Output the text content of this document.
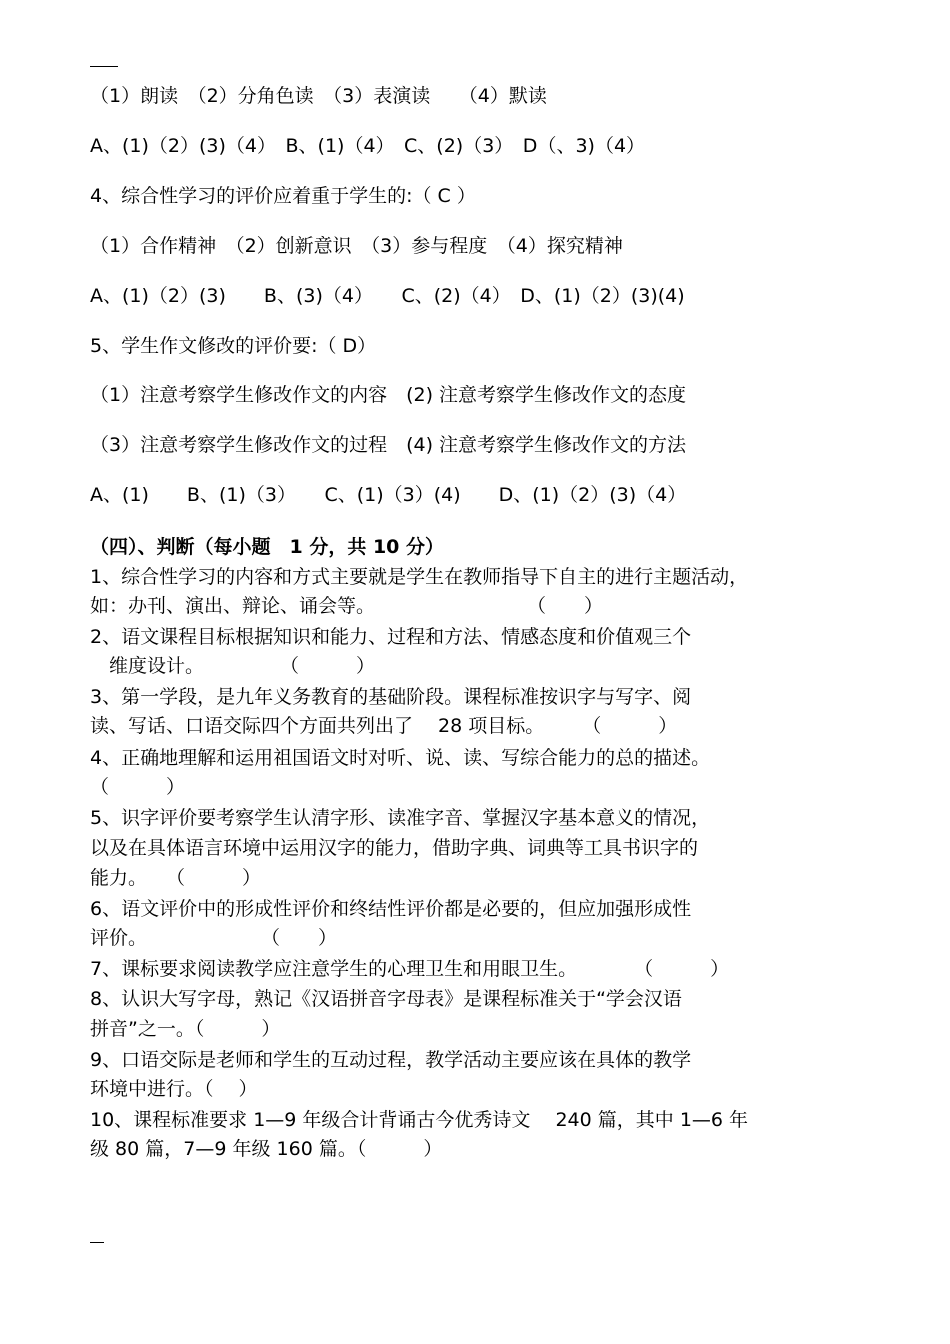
（1）朗读　（2）分角色读　（3）表演读　　（4）默读
A、(1)（2）(3)（4）　B、(1)（4）　C、(2)（3）　D（、3)（4）
4、综合性学习的评价应着重于学生的:（ C ）
（1）合作精神　（2）创新意识　（3）参与程度　（4）探究精神
A、(1)（2）(3)　　B、(3)（4）　　C、(2)（4）　D、(1)（2）(3)(4)
5、学生作文修改的评价要:（ D）
（1）注意考察学生修改作文的内容　(2) 注意考察学生修改作文的态度
（3）注意考察学生修改作文的过程　(4) 注意考察学生修改作文的方法
A、(1)　　B、(1)（3）　　C、(1)（3）(4)　　D、(1)（2）(3)（4）
（四）、判断（每小题　1 分，共 10 分）
1、综合性学习的内容和方式主要就是学生在教师指导下自主的进行主题活动，
如：办刊、演出、辩论、诵会等。　　　　　　　　　（　　）
2、语文课程目标根据知识和能力、过程和方法、情感态度和价值观三个
　维度设计。　　　　　（　　　）
3、第一学段，是九年义务教育的基础阶段。课程标准按识字与写字、阅
读、写话、口语交际四个方面共列出了　 28 项目标。　　　（　　　）
4、正确地理解和运用祖国语文时对听、说、读、写综合能力的总的描述。
（　　　）
5、识字评价要考察学生认清字形、读准字音、掌握汉字基本意义的情况，
以及在具体语言环境中运用汉字的能力，借助字典、词典等工具书识字的
能力。　　（　　　）
6、语文评价中的形成性评价和终结性评价都是必要的，但应加强形成性
评价。　　　　　　　（　　）
7、课标要求阅读教学应注意学生的心理卫生和用眼卫生。　　　　（　　　）
8、认识大写字母，熟记《汉语拼音字母表》是课程标准关于“学会汉语
拼音”之一。（　　　）
9、口语交际是老师和学生的互动过程，教学活动主要应该在具体的教学
环境中进行。（　 ）
10、课程标准要求 1—9 年级合计背诵古今优秀诗文　 240 篇，其中 1—6 年
级 80 篇，7—9 年级 160 篇。（　　　）
